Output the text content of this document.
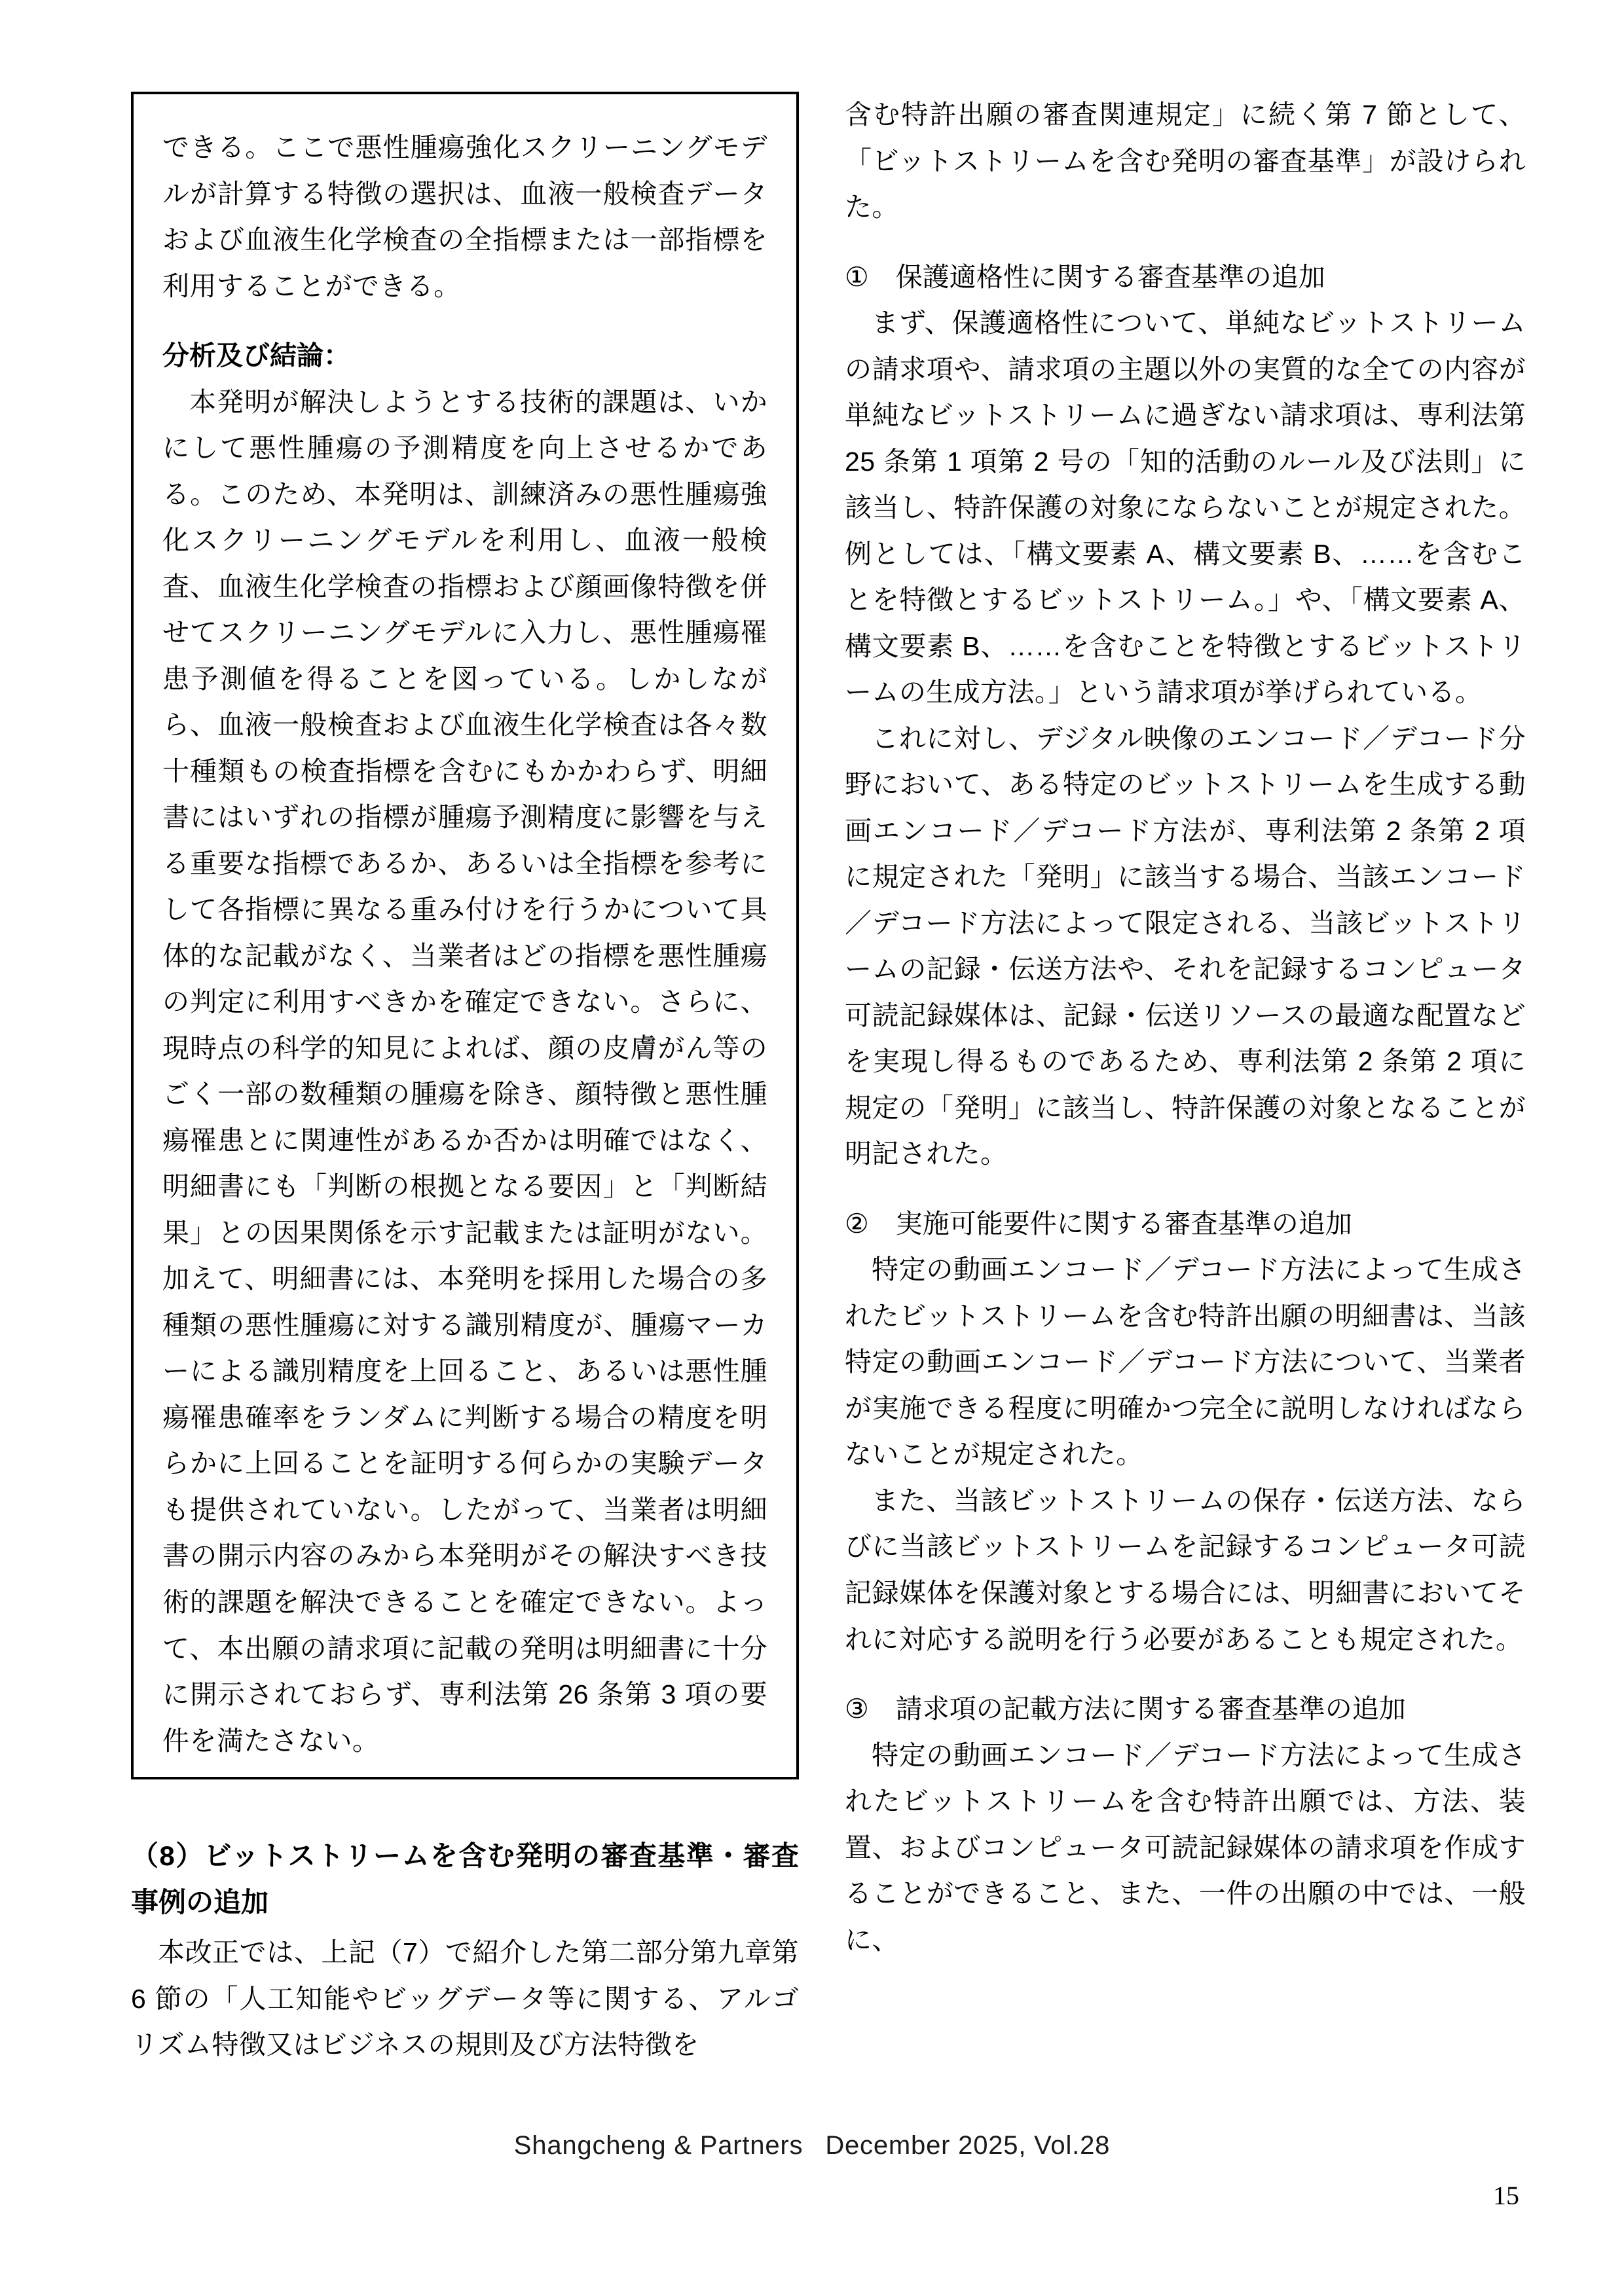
できる。ここで悪性腫瘍強化スクリーニングモデルが計算する特徴の選択は、血液一般検査データおよび血液生化学検査の全指標または一部指標を利用することができる。

分析及び結論：

本発明が解決しようとする技術的課題は、いかにして悪性腫瘍の予測精度を向上させるかである。このため、本発明は、訓練済みの悪性腫瘍強化スクリーニングモデルを利用し、血液一般検査、血液生化学検査の指標および顔画像特徴を併せてスクリーニングモデルに入力し、悪性腫瘍罹患予測値を得ることを図っている。しかしながら、血液一般検査および血液生化学検査は各々数十種類もの検査指標を含むにもかかわらず、明細書にはいずれの指標が腫瘍予測精度に影響を与える重要な指標であるか、あるいは全指標を参考にして各指標に異なる重み付けを行うかについて具体的な記載がなく、当業者はどの指標を悪性腫瘍の判定に利用すべきかを確定できない。さらに、現時点の科学的知見によれば、顔の皮膚がん等のごく一部の数種類の腫瘍を除き、顔特徴と悪性腫瘍罹患とに関連性があるか否かは明確ではなく、明細書にも「判断の根拠となる要因」と「判断結果」との因果関係を示す記載または証明がない。加えて、明細書には、本発明を採用した場合の多種類の悪性腫瘍に対する識別精度が、腫瘍マーカーによる識別精度を上回ること、あるいは悪性腫瘍罹患確率をランダムに判断する場合の精度を明らかに上回ることを証明する何らかの実験データも提供されていない。したがって、当業者は明細書の開示内容のみから本発明がその解決すべき技術的課題を解決できることを確定できない。よって、本出願の請求項に記載の発明は明細書に十分に開示されておらず、専利法第 26 条第 3 項の要件を満たさない。

（8）ビットストリームを含む発明の審査基準・審査事例の追加

本改正では、上記（7）で紹介した第二部分第九章第 6 節の「人工知能やビッグデータ等に関する、アルゴリズム特徴又はビジネスの規則及び方法特徴を

含む特許出願の審査関連規定」に続く第 7 節として、「ビットストリームを含む発明の審査基準」が設けられた。

①　保護適格性に関する審査基準の追加

まず、保護適格性について、単純なビットストリームの請求項や、請求項の主題以外の実質的な全ての内容が単純なビットストリームに過ぎない請求項は、専利法第 25 条第 1 項第 2 号の「知的活動のルール及び法則」に該当し、特許保護の対象にならないことが規定された。例としては、「構文要素 A、構文要素 B、……を含むことを特徴とするビットストリーム。」や、「構文要素 A、構文要素 B、……を含むことを特徴とするビットストリームの生成方法。」という請求項が挙げられている。

これに対し、デジタル映像のエンコード／デコード分野において、ある特定のビットストリームを生成する動画エンコード／デコード方法が、専利法第 2 条第 2 項に規定された「発明」に該当する場合、当該エンコード／デコード方法によって限定される、当該ビットストリームの記録・伝送方法や、それを記録するコンピュータ可読記録媒体は、記録・伝送リソースの最適な配置などを実現し得るものであるため、専利法第 2 条第 2 項に規定の「発明」に該当し、特許保護の対象となることが明記された。

②　実施可能要件に関する審査基準の追加

特定の動画エンコード／デコード方法によって生成されたビットストリームを含む特許出願の明細書は、当該特定の動画エンコード／デコード方法について、当業者が実施できる程度に明確かつ完全に説明しなければならないことが規定された。

また、当該ビットストリームの保存・伝送方法、ならびに当該ビットストリームを記録するコンピュータ可読記録媒体を保護対象とする場合には、明細書においてそれに対応する説明を行う必要があることも規定された。

③　請求項の記載方法に関する審査基準の追加

特定の動画エンコード／デコード方法によって生成されたビットストリームを含む特許出願では、方法、装置、およびコンピュータ可読記録媒体の請求項を作成することができること、また、一件の出願の中では、一般に、

Shangcheng & Partners December 2025, Vol.28
15
